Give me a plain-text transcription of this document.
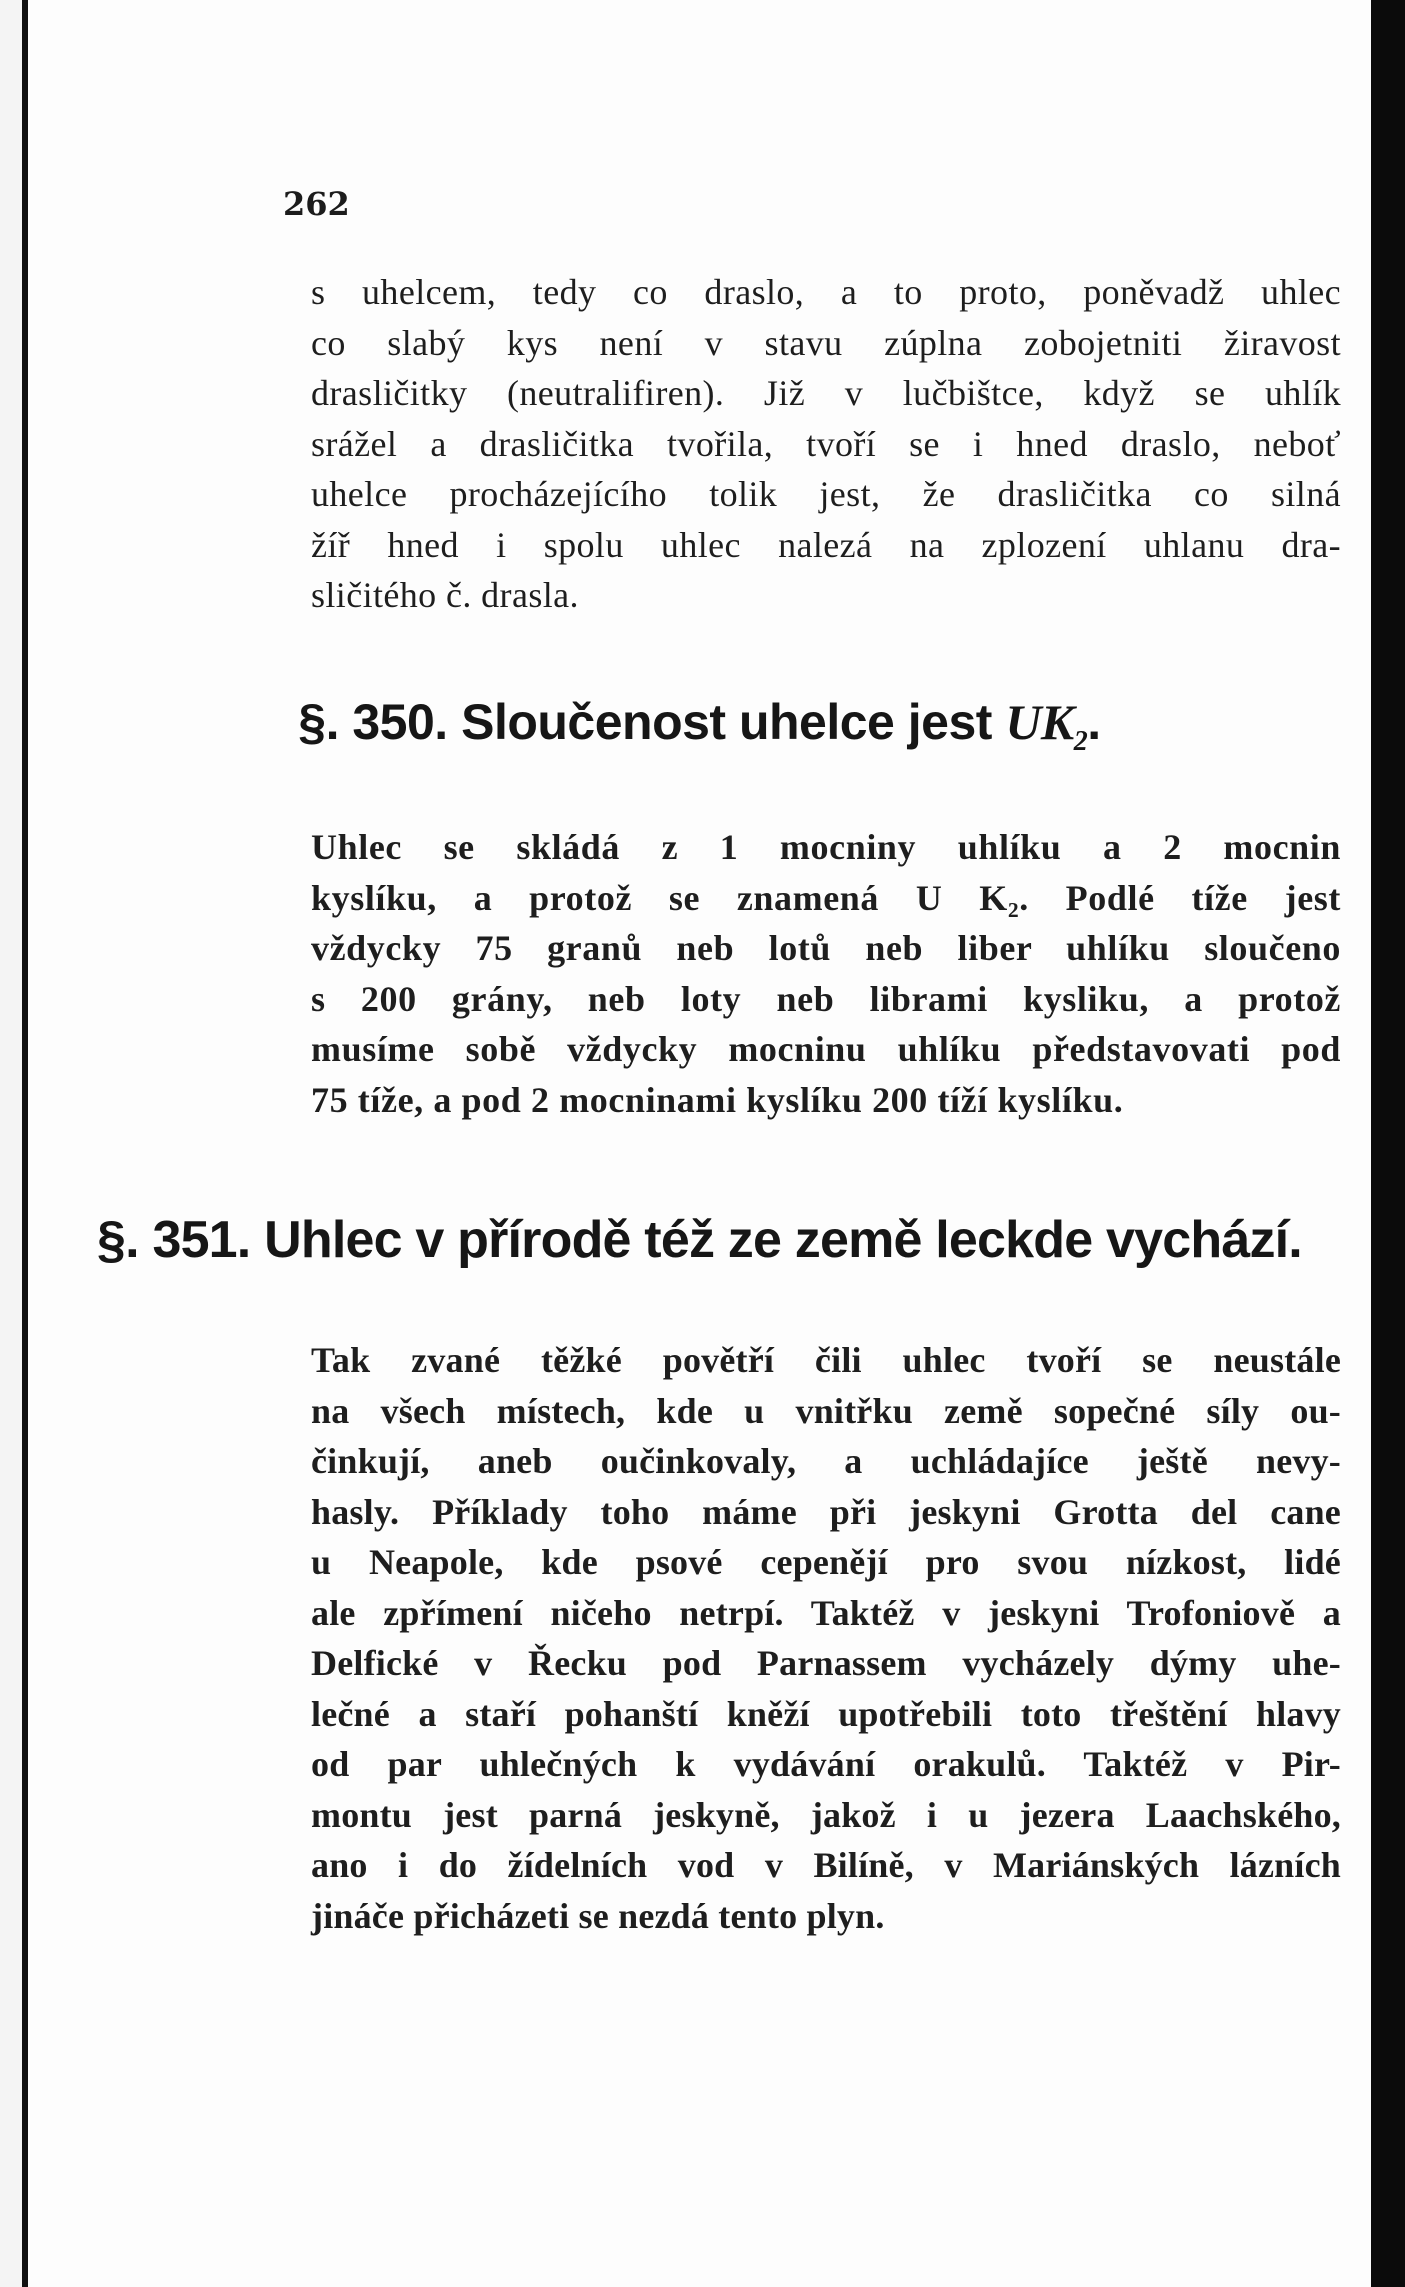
262

s uhelcem, tedy co draslo, a to proto, poněvadž uhlec
co slabý kys není v stavu zúplna zobojetniti žiravost
drasličitky (neutralifiren). Již v lučbištce, když se uhlík
srážel a drasličitka tvořila, tvoří se i hned draslo, neboť
uhelce procházejícího tolik jest, že drasličitka co silná
žíř hned i spolu uhlec nalezá na zplození uhlanu dra-
sličitého č. drasla.

§. 350. Sloučenost uhelce jest $UK_2$.

Uhlec se skládá z 1 mocniny uhlíku a 2 mocnin
kyslíku, a protož se znamená U K₂. Podlé tíže jest
vždycky 75 granů neb lotů neb liber uhlíku sloučeno
s 200 grány, neb loty neb librami kysliku, a protož
musíme sobě vždycky mocninu uhlíku představovati pod
75 tíže, a pod 2 mocninami kyslíku 200 tíží kyslíku.

§. 351. Uhlec v přírodě též ze země leckde vychází.

Tak zvané těžké povětří čili uhlec tvoří se neustále
na všech místech, kde u vnitřku země sopečné síly ou-
činkují, aneb oučinkovaly, a uchládajíce ještě nevy-
hasly. Příklady toho máme při jeskyni Grotta del cane
u Neapole, kde psové cepenějí pro svou nízkost, lidé
ale zpřímení ničeho netrpí. Taktéž v jeskyni Trofoniově a
Delfické v Řecku pod Parnassem vycházely dýmy uhe-
lečné a staří pohanští kněží upotřebili toto třeštění hlavy
od par uhlečných k vydávání orakulů. Taktéž v Pir-
montu jest parná jeskyně, jakož i u jezera Laachského,
ano i do žídelních vod v Bilíně, v Mariánských lázních
jináče přicházeti se nezdá tento plyn.
